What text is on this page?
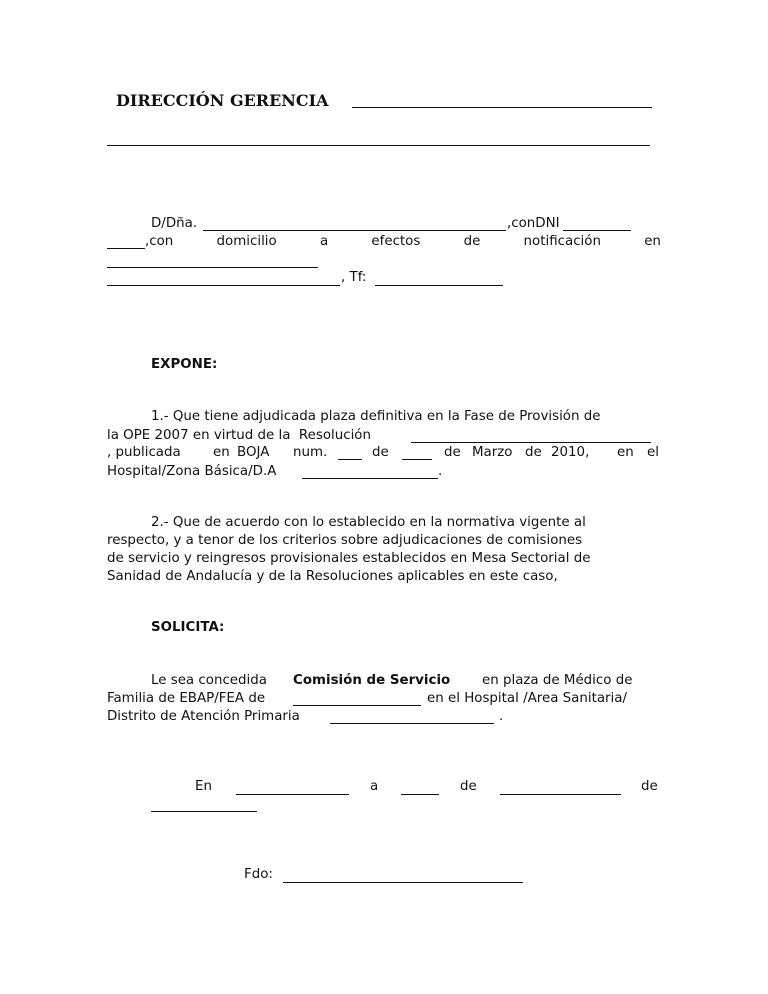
DIRECCIÓN GERENCIA
D/Dña.	,conDNI
,con	domicilio	a	efectos	de	notificación	en
, Tf:
EXPONE:
1.- Que tiene adjudicada plaza definitiva en la Fase de Provisión de
la OPE 2007 en virtud de la  Resolución

, publicada

en

BOJA

num.

	de

	de

Marzo

de

2010,

en

el

Hospital/Zona Básica/D.A	.
2.- Que de acuerdo con lo establecido en la normativa vigente al
respecto, y a tenor de los criterios sobre adjudicaciones de comisiones
de servicio y reingresos provisionales establecidos en Mesa Sectorial de
Sanidad de Andalucía y de la Resoluciones aplicables en este caso,
SOLICITA:
Le sea concedida Comisión de Servicio en plaza de Médico de
Familia de EBAP/FEA de	en el Hospital /Area Sanitaria/
Distrito de Atención Primaria	.
En	a	de	de
Fdo:
